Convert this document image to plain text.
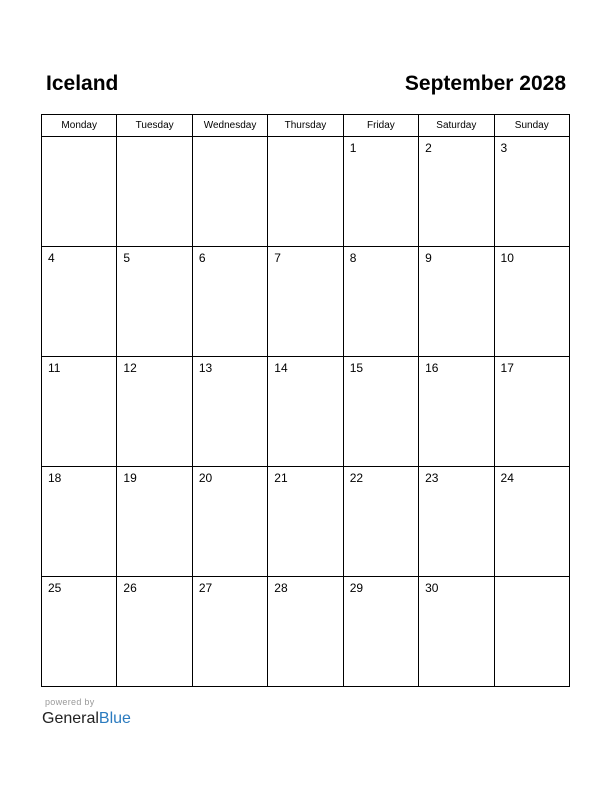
Iceland	September 2028
Monday	Tuesday	Wednesday	Thursday	Friday	Saturday	Sunday

				1	2	3

4	5	6	7	8	9	10

11	12	13	14	15	16	17

18	19	20	21	22	23	24

25	26	27	28	29	30	

powered by
GeneralBlue
